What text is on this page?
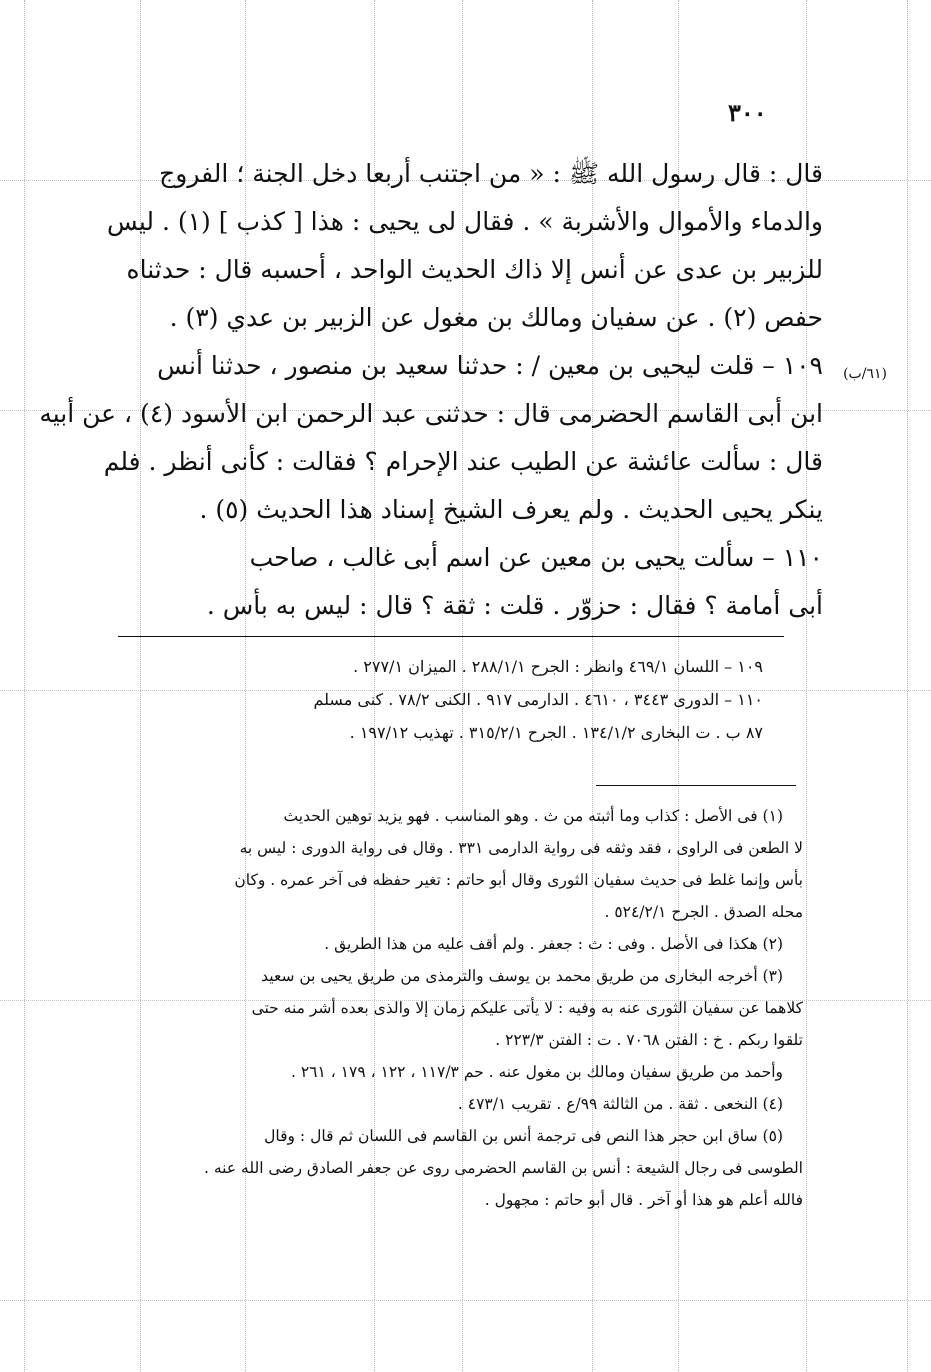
٣٠٠
(٦١/ب)
قال : قال رسول الله ﷺ : « من اجتنب أربعا دخل الجنة ؛ الفروج
والدماء والأموال والأشربة » . فقال لى يحيى : هذا [ كذب ] (١) . ليس
للزبير بن عدى عن أنس إلا ذاك الحديث الواحد ، أحسبه قال : حدثناه
حفص (٢) . عن سفيان ومالك بن مغول عن الزبير بن عدي (٣) .
١٠٩ – قلت ليحيى بن معين / : حدثنا سعيد بن منصور ، حدثنا أنس
ابن أبى القاسم الحضرمى قال : حدثنى عبد الرحمن ابن الأسود (٤) ، عن أبيه
قال : سألت عائشة عن الطيب عند الإحرام ؟ فقالت : كأنى أنظر . فلم
ينكر يحيى الحديث . ولم يعرف الشيخ إسناد هذا الحديث (٥) .
١١٠ – سألت يحيى بن معين عن اسم أبى غالب ، صاحب
أبى أمامة ؟ فقال : حزوّر . قلت : ثقة ؟ قال : ليس به بأس .
١٠٩ – اللسان ٤٦٩/١ وانظر : الجرح ٢٨٨/١/١ . الميزان ٢٧٧/١ .
١١٠ – الدورى ٣٤٤٣ ، ٤٦١٠ . الدارمى ٩١٧ . الكنى ٧٨/٢ . كنى مسلم
٨٧ ب . ت البخارى ١٣٤/١/٢ . الجرح ٣١٥/٢/١ . تهذيب ١٩٧/١٢ .
(١) فى الأصل : كذاب وما أثبته من ث . وهو المناسب . فهو يزيد توهين الحديث
لا الطعن فى الراوى ، فقد وثقه فى رواية الدارمى ٣٣١ . وقال فى رواية الدورى : ليس به
بأس وإنما غلط فى حديث سفيان الثورى وقال أبو حاتم : تغير حفظه فى آخر عمره . وكان
محله الصدق . الجرح ٥٢٤/٢/١ .
(٢) هكذا فى الأصل . وفى : ث : جعفر . ولم أقف عليه من هذا الطريق .
(٣) أخرجه البخارى من طريق محمد بن يوسف والترمذى من طريق يحيى بن سعيد
كلاهما عن سفيان الثورى عنه به وفيه : لا يأتى عليكم زمان إلا والذى بعده أشر منه حتى
تلقوا ربكم . خ : الفتن ٧٠٦٨ . ت : الفتن ٢٢٣/٣ .
وأحمد من طريق سفيان ومالك بن مغول عنه . حم ١١٧/٣ ، ١٢٢ ، ١٧٩ ، ٢٦١ .
(٤) النخعى . ثقة . من الثالثة ٩٩/ع . تقريب ٤٧٣/١ .
(٥) ساق ابن حجر هذا النص فى ترجمة أنس بن القاسم فى اللسان ثم قال : وقال
الطوسى فى رجال الشيعة : أنس بن القاسم الحضرمى روى عن جعفر الصادق رضى الله عنه .
فالله أعلم هو هذا أو آخر . قال أبو حاتم : مجهول .
